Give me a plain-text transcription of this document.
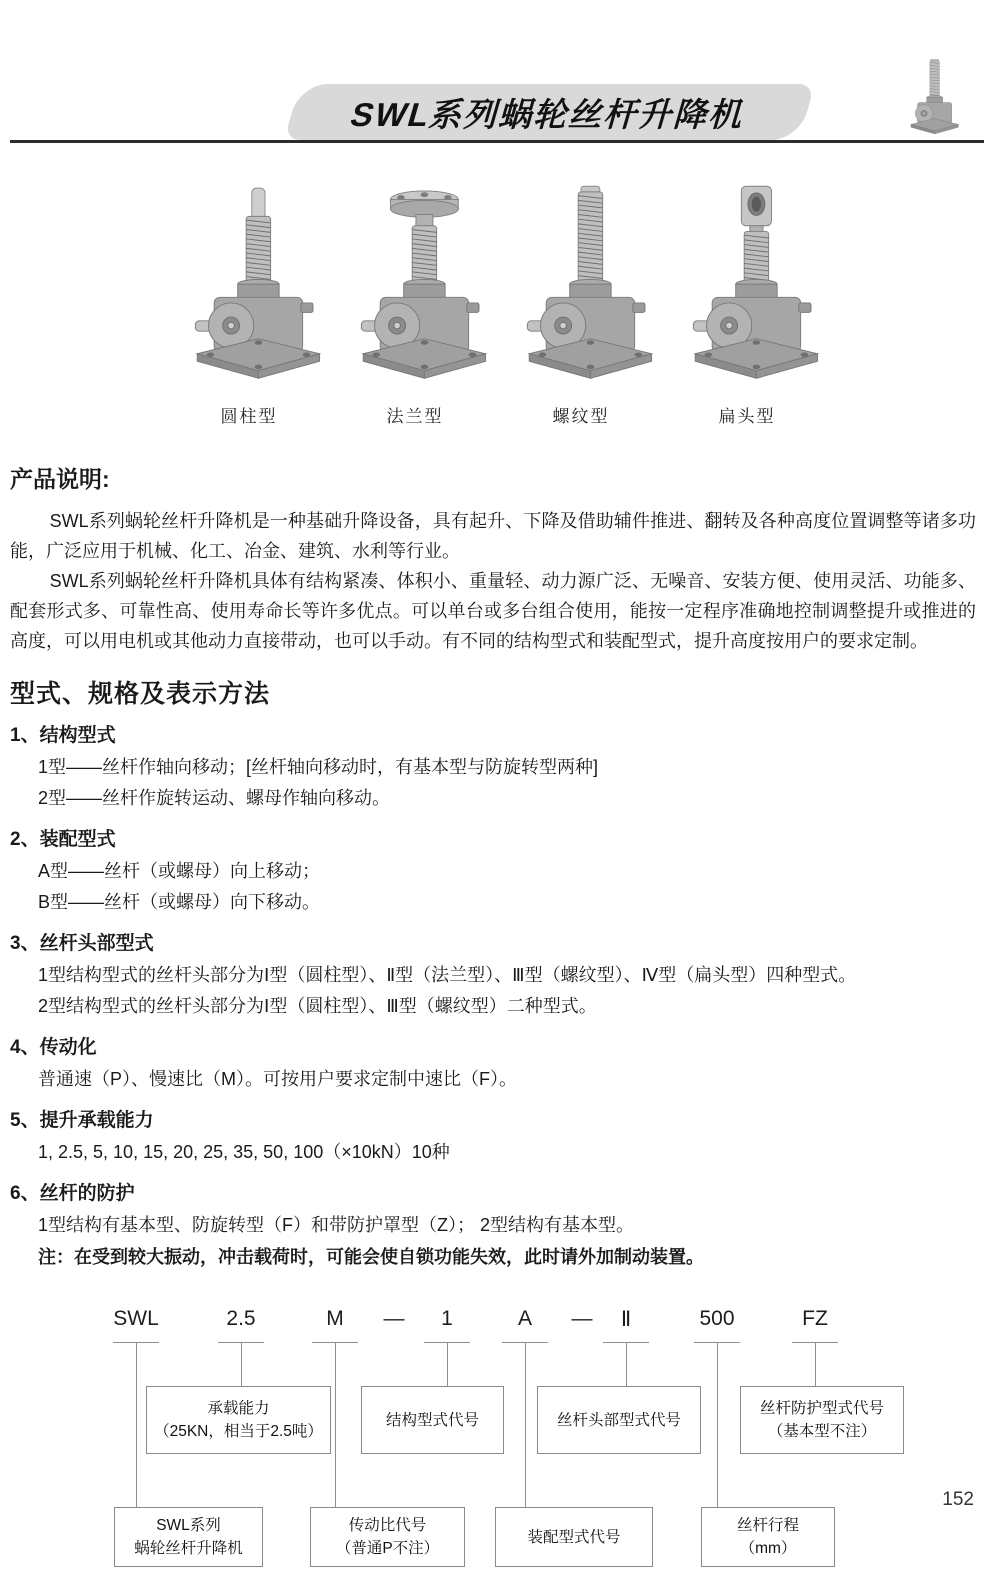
SWL系列蜗轮丝杆升降机
圆柱型	法兰型	螺纹型	扁头型
产品说明:

SWL系列蜗轮丝杆升降机是一种基础升降设备，具有起升、下降及借助辅件推进、翻转及各种高度位置调整等诸多功能，广泛应用于机械、化工、冶金、建筑、水利等行业。

SWL系列蜗轮丝杆升降机具体有结构紧凑、体积小、重量轻、动力源广泛、无噪音、安装方便、使用灵活、功能多、配套形式多、可靠性高、使用寿命长等许多优点。可以单台或多台组合使用，能按一定程序准确地控制调整提升或推进的高度，可以用电机或其他动力直接带动，也可以手动。有不同的结构型式和装配型式，提升高度按用户的要求定制。

型式、规格及表示方法
1、结构型式
1型——丝杆作轴向移动；[丝杆轴向移动时，有基本型与防旋转型两种]
2型——丝杆作旋转运动、螺母作轴向移动。
2、装配型式
A型——丝杆（或螺母）向上移动；
B型——丝杆（或螺母）向下移动。
3、丝杆头部型式
1型结构型式的丝杆头部分为Ⅰ型（圆柱型）、Ⅱ型（法兰型）、Ⅲ型（螺纹型）、Ⅳ型（扁头型）四种型式。
2型结构型式的丝杆头部分为Ⅰ型（圆柱型）、Ⅲ型（螺纹型）二种型式。
4、传动化
普通速（P）、慢速比（M）。可按用户要求定制中速比（F）。
5、提升承载能力
1, 2.5, 5, 10, 15, 20, 25, 35, 50, 100（×10kN）10种
6、丝杆的防护
1型结构有基本型、防旋转型（F）和带防护罩型（Z）； 2型结构有基本型。
注：在受到较大振动，冲击载荷时，可能会使自锁功能失效，此时请外加制动装置。
SWL	2.5	M — 1	A — Ⅱ	500	FZ
承载能力
（25KN，相当于2.5吨）
结构型式代号	丝杆头部型式代号
丝杆防护型式代号
（基本型不注）
SWL系列
蜗轮丝杆升降机
传动比代号
（普通P不注）
装配型式代号
丝杆行程
（mm）
152
